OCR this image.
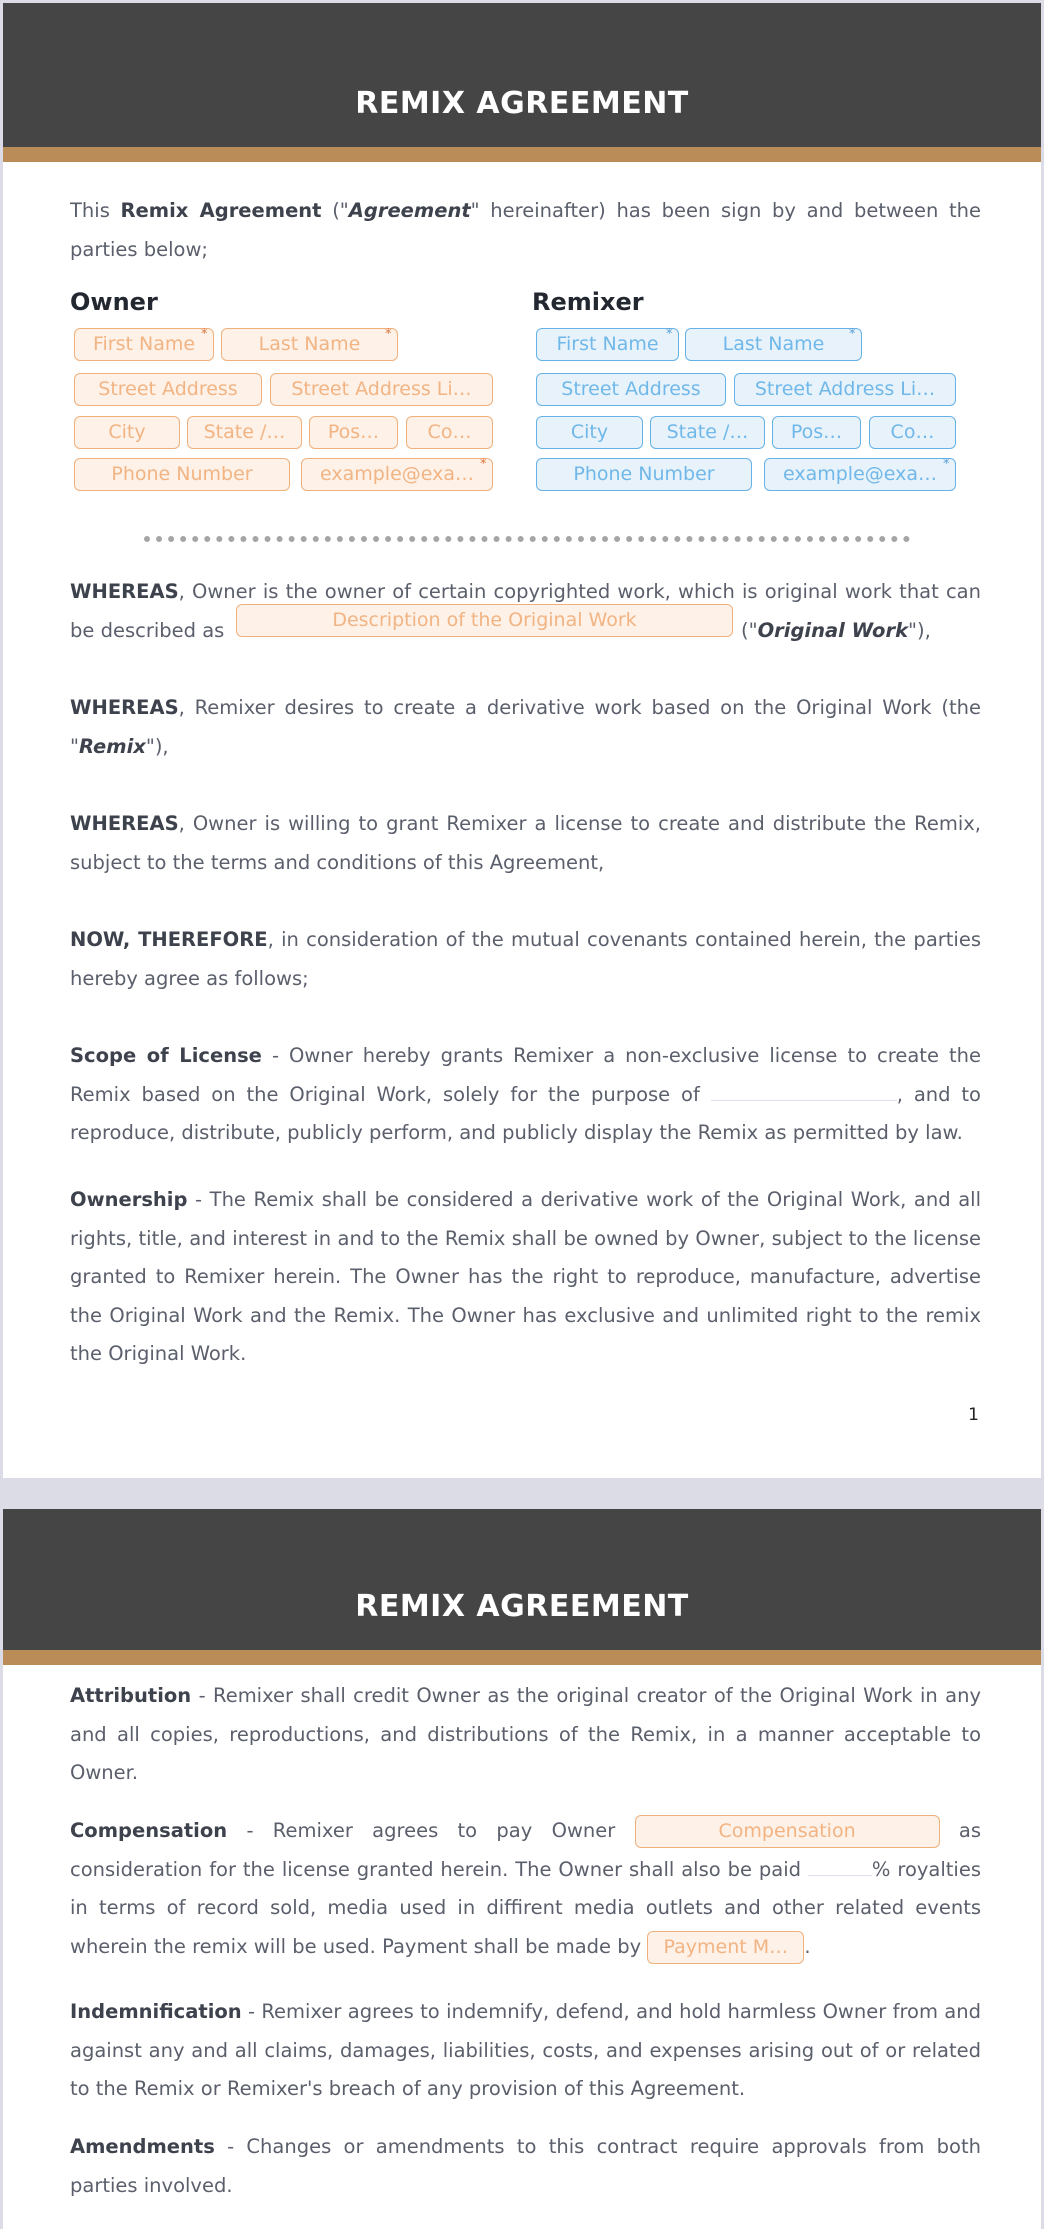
REMIX AGREEMENT
This Remix Agreement ("Agreement" hereinafter) has been sign by and between the parties below;
Owner
First Name *	Last Name	*
Street Address	Street Address Li…
City	State /…	Pos…	Co…
Phone Number	example@exa… *
Remixer
First Name *	Last Name	*
Street Address	Street Address Li…
City	State /…	Pos…	Co…
Phone Number	example@exa… *
WHEREAS, Owner is the owner of certain copyrighted work, which is original work that can be described as	Description of the Original Work	("Original Work"),
WHEREAS, Remixer desires to create a derivative work based on the Original Work (the "Remix"),
WHEREAS, Owner is willing to grant Remixer a license to create and distribute the Remix, subject to the terms and conditions of this Agreement,
NOW, THEREFORE, in consideration of the mutual covenants contained herein, the parties hereby agree as follows;
Scope of License - Owner hereby grants Remixer a non-exclusive license to create the Remix based on the Original Work, solely for the purpose of	, and to reproduce, distribute, publicly perform, and publicly display the Remix as permitted by law.
Ownership - The Remix shall be considered a derivative work of the Original Work, and all rights, title, and interest in and to the Remix shall be owned by Owner, subject to the license granted to Remixer herein. The Owner has the right to reproduce, manufacture, advertise the Original Work and the Remix. The Owner has exclusive and unlimited right to the remix the Original Work.
1
REMIX AGREEMENT
Attribution - Remixer shall credit Owner as the original creator of the Original Work in any and all copies, reproductions, and distributions of the Remix, in a manner acceptable to Owner.
Compensation - Remixer agrees to pay Owner	Compensation	as consideration for the license granted herein. The Owner shall also be paid	% royalties in terms of record sold, media used in diffirent media outlets and other related events wherein the remix will be used. Payment shall be made by Payment M… .
Indemnification - Remixer agrees to indemnify, defend, and hold harmless Owner from and against any and all claims, damages, liabilities, costs, and expenses arising out of or related to the Remix or Remixer's breach of any provision of this Agreement.
Amendments - Changes or amendments to this contract require approvals from both parties involved.
